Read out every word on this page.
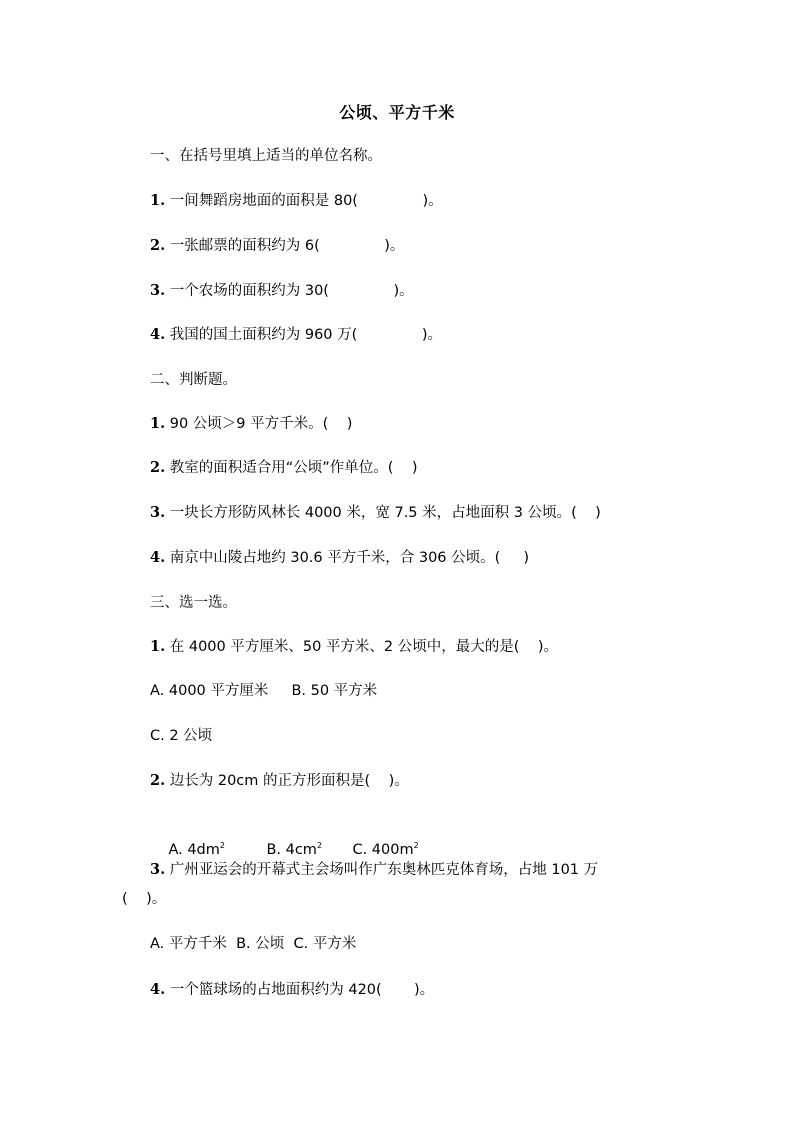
公顷、平方千米
一、在括号里填上适当的单位名称。
1. 一间舞蹈房地面的面积是 80(              )。
2. 一张邮票的面积约为 6(              )。
3. 一个农场的面积约为 30(              )。
4. 我国的国土面积约为 960 万(              )。
二、判断题。
1. 90 公顷＞9 平方千米。(    )
2. 教室的面积适合用“公顷”作单位。(    )
3. 一块长方形防风林长 4000 米，宽 7.5 米，占地面积 3 公顷。(    )
4. 南京中山陵占地约 30.6 平方千米，合 306 公顷。(     )
三、选一选。
1. 在 4000 平方厘米、50 平方米、2 公顷中，最大的是(    )。
A. 4000 平方厘米     B. 50 平方米
C. 2 公顷
2. 边长为 20cm 的正方形面积是(    )。

A. $4dm^2$	B. $4cm^2$ C. $400m^2$

3. 广州亚运会的开幕式主会场叫作广东奥林匹克体育场，占地 101 万
(    )。
A. 平方千米  B. 公顷  C. 平方米
4. 一个篮球场的占地面积约为 420(       )。
